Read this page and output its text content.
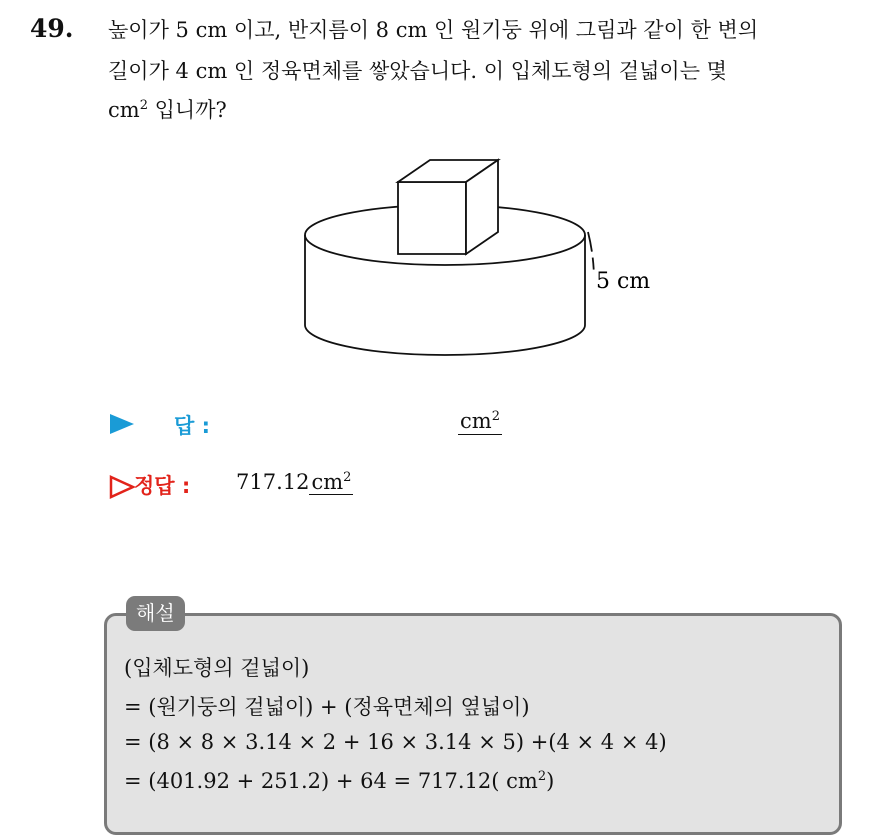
49. 높이가 5 cm 이고, 반지름이 8 cm 인 원기둥 위에 그림과 같이 한 변의
길이가 4 cm 인 정육면체를 쌓았습니다. 이 입체도형의 겉넓이는 몇
$cm^2$ 입니까?
5 cm
답 :	$cm^2$
정답 : $717.12cm^2$
해설
(입체도형의 겉넓이)
= (원기둥의 겉넓이) + (정육면체의 옆넓이)
= (8 × 8 × 3.14 × 2 + 16 × 3.14 × 5) +(4 × 4 × 4)
= (401.92 + 251.2) + 64 = 717.12( $cm^2$)
